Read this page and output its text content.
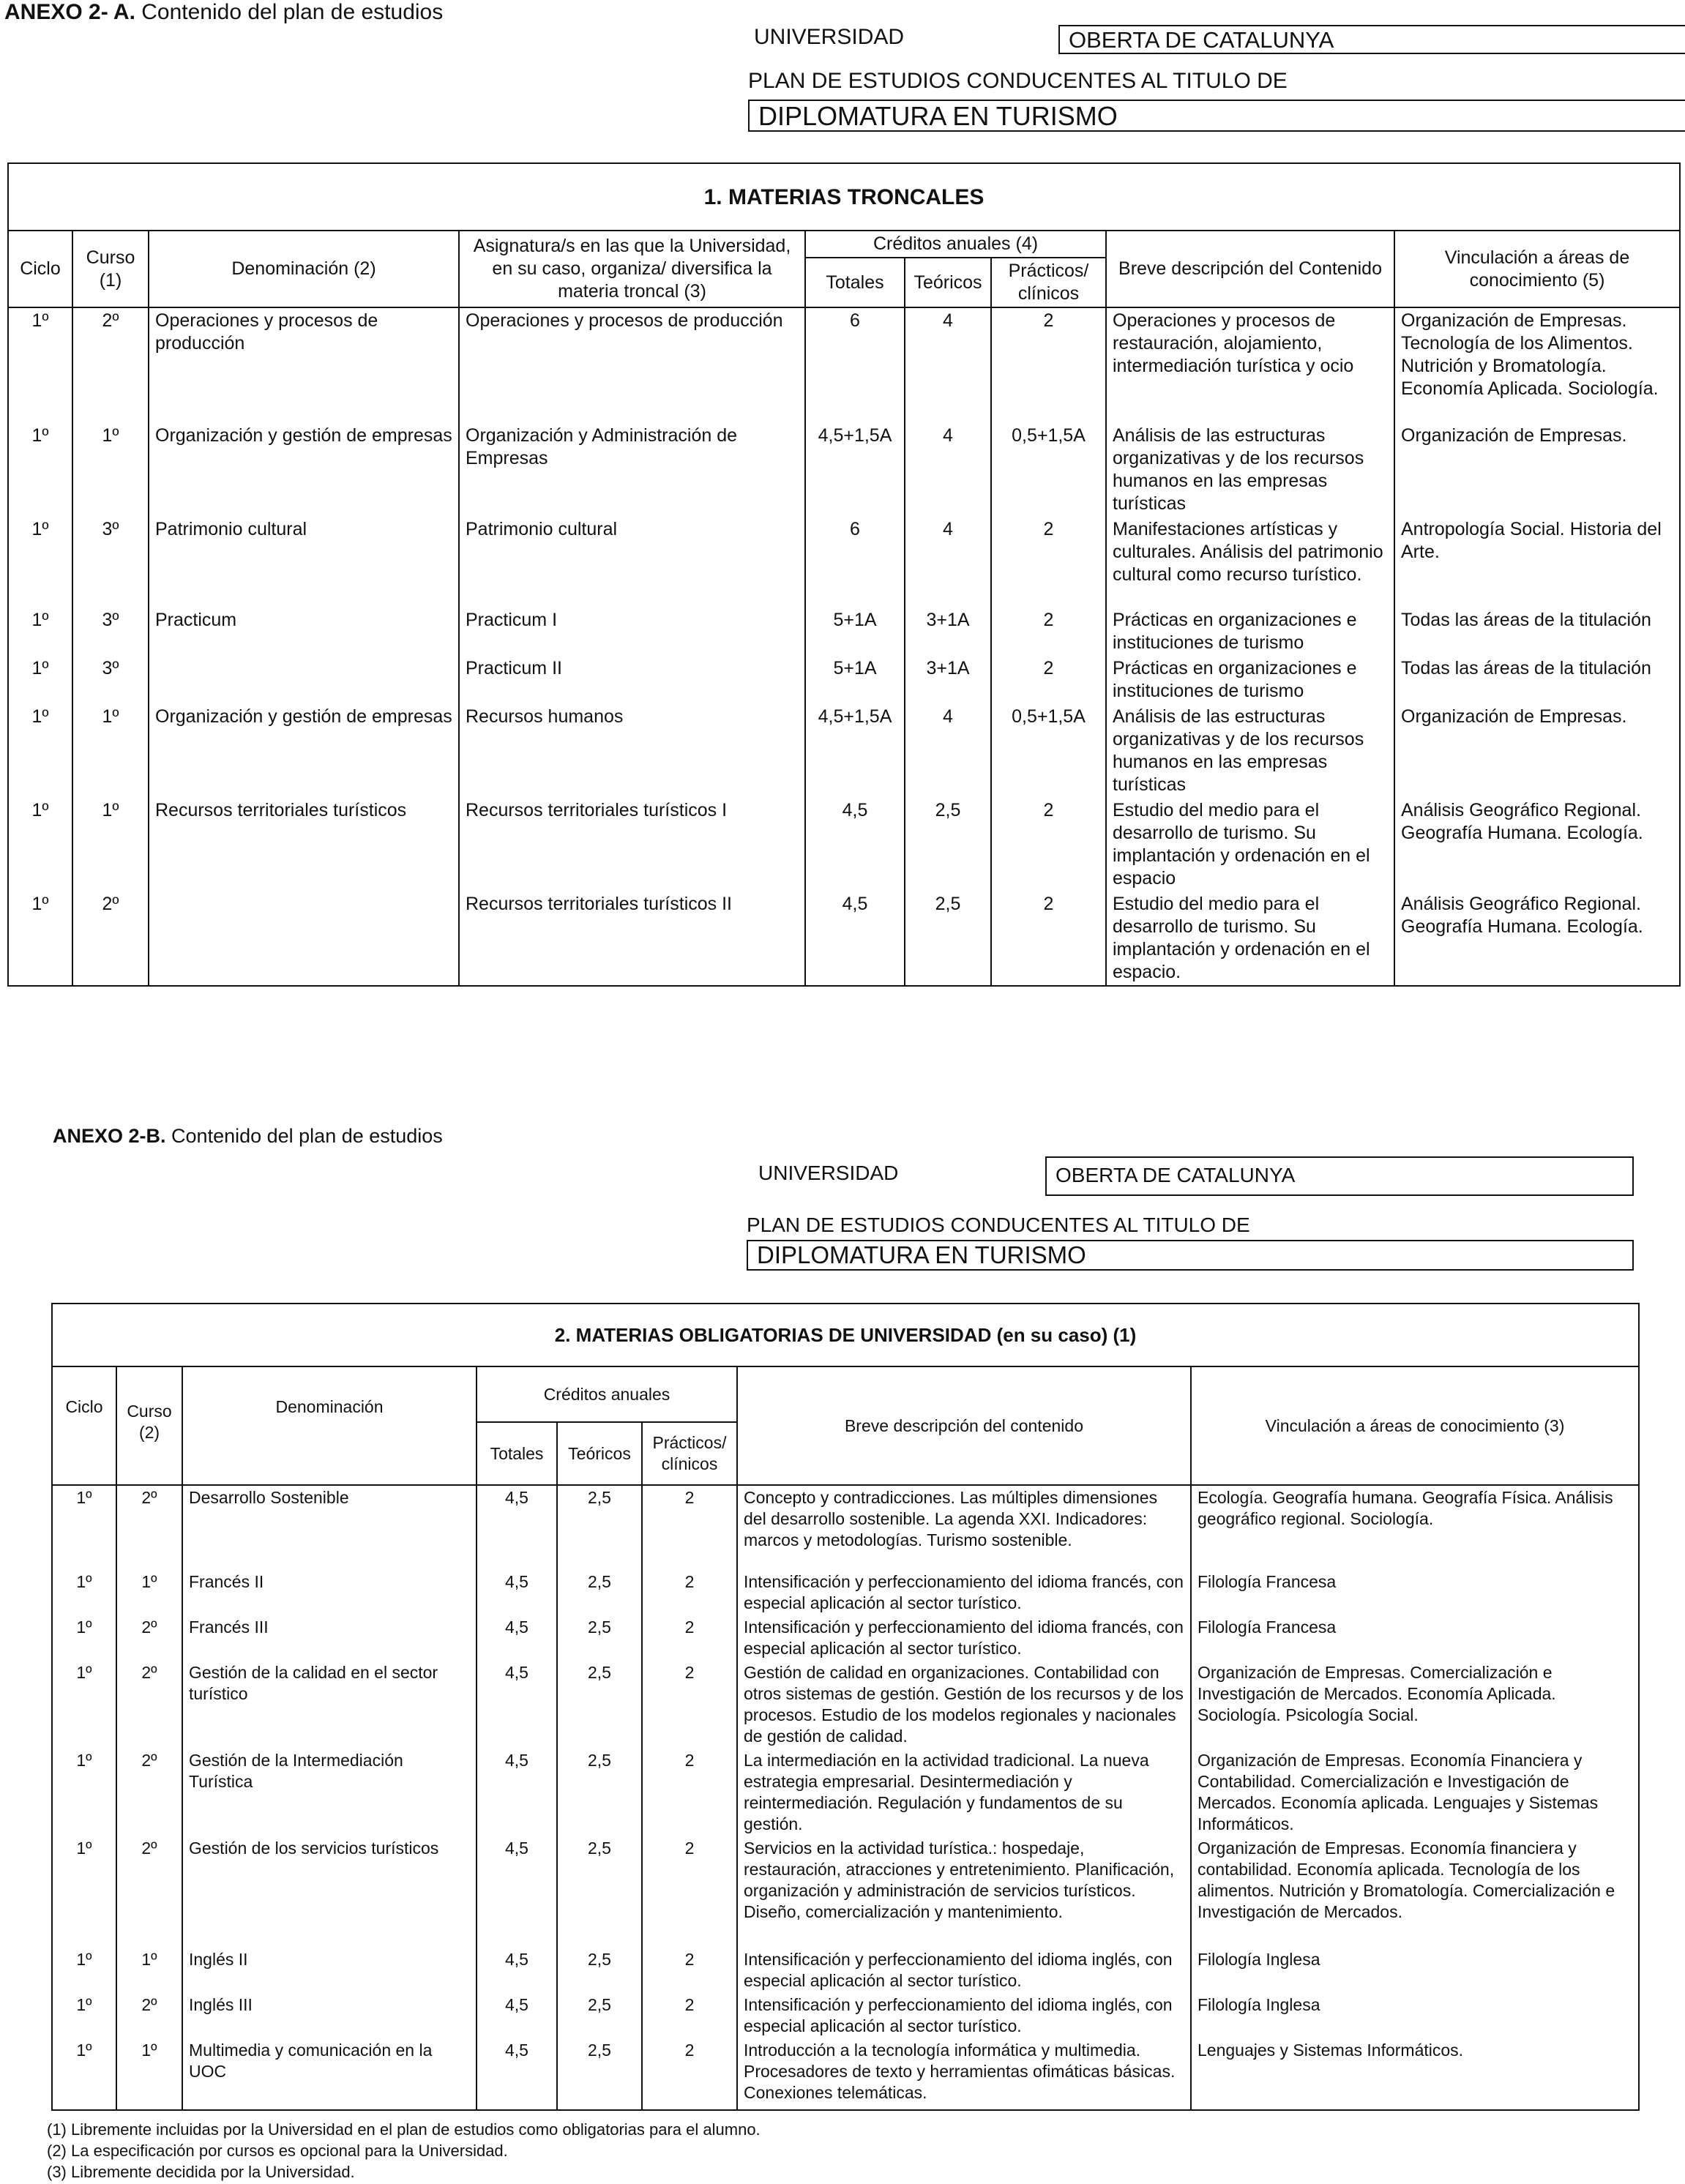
ANEXO 2- A. Contenido del plan de estudios
UNIVERSIDAD	OBERTA DE CATALUNYA
PLAN DE ESTUDIOS CONDUCENTES AL TITULO DE
DIPLOMATURA EN TURISMO
1. MATERIAS TRONCALES								
Ciclo	Curso (1)	Denominación (2)	Asignatura/s en las que la Universidad, en su caso, organiza/ diversifica la materia troncal (3)	Créditos anuales (4)			Breve descripción del Contenido	Vinculación a áreas de conocimiento (5)
				Totales	Teóricos	Prácticos/ clínicos		
1º	2º	Operaciones y procesos de producción	Operaciones y procesos de producción	6	4	2	Operaciones y procesos de restauración, alojamiento, intermediación turística y ocio	Organización de Empresas. Tecnología de los Alimentos. Nutrición y Bromatología. Economía Aplicada. Sociología.
1º	1º	Organización y gestión de empresas	Organización y Administración de Empresas	4,5+1,5A	4	0,5+1,5A	Análisis de las estructuras organizativas y de los recursos humanos en las empresas turísticas	Organización de Empresas.
1º	3º	Patrimonio cultural	Patrimonio cultural	6	4	2	Manifestaciones artísticas y culturales. Análisis del patrimonio cultural como recurso turístico.	Antropología Social. Historia del Arte.
1º	3º	Practicum	Practicum I	5+1A	3+1A	2	Prácticas en organizaciones e instituciones de turismo	Todas las áreas de la titulación
1º	3º		Practicum II	5+1A	3+1A	2	Prácticas en organizaciones e instituciones de turismo	Todas las áreas de la titulación
1º	1º	Organización y gestión de empresas	Recursos humanos	4,5+1,5A	4	0,5+1,5A	Análisis de las estructuras organizativas y de los recursos humanos en las empresas turísticas	Organización de Empresas.
1º	1º	Recursos territoriales turísticos	Recursos territoriales turísticos I	4,5	2,5	2	Estudio del medio para el desarrollo de turismo. Su implantación y ordenación en el espacio	Análisis Geográfico Regional. Geografía Humana. Ecología.
1º	2º		Recursos territoriales turísticos II	4,5	2,5	2	Estudio del medio para el desarrollo de turismo. Su implantación y ordenación en el espacio.	Análisis Geográfico Regional. Geografía Humana. Ecología.
ANEXO 2-B. Contenido del plan de estudios
UNIVERSIDAD	OBERTA DE CATALUNYA
PLAN DE ESTUDIOS CONDUCENTES AL TITULO DE
DIPLOMATURA EN TURISMO
2. MATERIAS OBLIGATORIAS DE UNIVERSIDAD (en su caso) (1)							
Ciclo	Curso (2)	Denominación	Créditos anuales			Breve descripción del contenido	Vinculación a áreas de conocimiento (3)
			Totales	Teóricos	Prácticos/ clínicos		
1º	2º	Desarrollo Sostenible	4,5	2,5	2	Concepto y contradicciones. Las múltiples dimensiones del desarrollo sostenible. La agenda XXI. Indicadores: marcos y metodologías. Turismo sostenible.	Ecología. Geografía humana. Geografía Física. Análisis geográfico regional. Sociología.
1º	1º	Francés II	4,5	2,5	2	Intensificación y perfeccionamiento del idioma francés, con especial aplicación al sector turístico.	Filología Francesa
1º	2º	Francés III	4,5	2,5	2	Intensificación y perfeccionamiento del idioma francés, con especial aplicación al sector turístico.	Filología Francesa
1º	2º	Gestión de la calidad en el sector turístico	4,5	2,5	2	Gestión de calidad en organizaciones. Contabilidad con otros sistemas de gestión. Gestión de los recursos y de los procesos. Estudio de los modelos regionales y nacionales de gestión de calidad.	Organización de Empresas. Comercialización e Investigación de Mercados. Economía Aplicada. Sociología. Psicología Social.
1º	2º	Gestión de la Intermediación Turística	4,5	2,5	2	La intermediación en la actividad tradicional. La nueva estrategia empresarial. Desintermediación y reintermediación. Regulación y fundamentos de su gestión.	Organización de Empresas. Economía Financiera y Contabilidad. Comercialización e Investigación de Mercados. Economía aplicada. Lenguajes y Sistemas Informáticos.
1º	2º	Gestión de los servicios turísticos	4,5	2,5	2	Servicios en la actividad turística.: hospedaje, restauración, atracciones y entretenimiento. Planificación, organización y administración de servicios turísticos. Diseño, comercialización y mantenimiento.	Organización de Empresas. Economía financiera y contabilidad. Economía aplicada. Tecnología de los alimentos. Nutrición y Bromatología. Comercialización e Investigación de Mercados.
1º	1º	Inglés II	4,5	2,5	2	Intensificación y perfeccionamiento del idioma inglés, con especial aplicación al sector turístico.	Filología Inglesa
1º	2º	Inglés III	4,5	2,5	2	Intensificación y perfeccionamiento del idioma inglés, con especial aplicación al sector turístico.	Filología Inglesa
1º	1º	Multimedia y comunicación en la UOC	4,5	2,5	2	Introducción a la tecnología informática y multimedia. Procesadores de texto y herramientas ofimáticas básicas. Conexiones telemáticas.	Lenguajes y Sistemas Informáticos.
(1) Libremente incluidas por la Universidad en el plan de estudios como obligatorias para el alumno.
(2) La especificación por cursos es opcional para la Universidad.
(3) Libremente decidida por la Universidad.
